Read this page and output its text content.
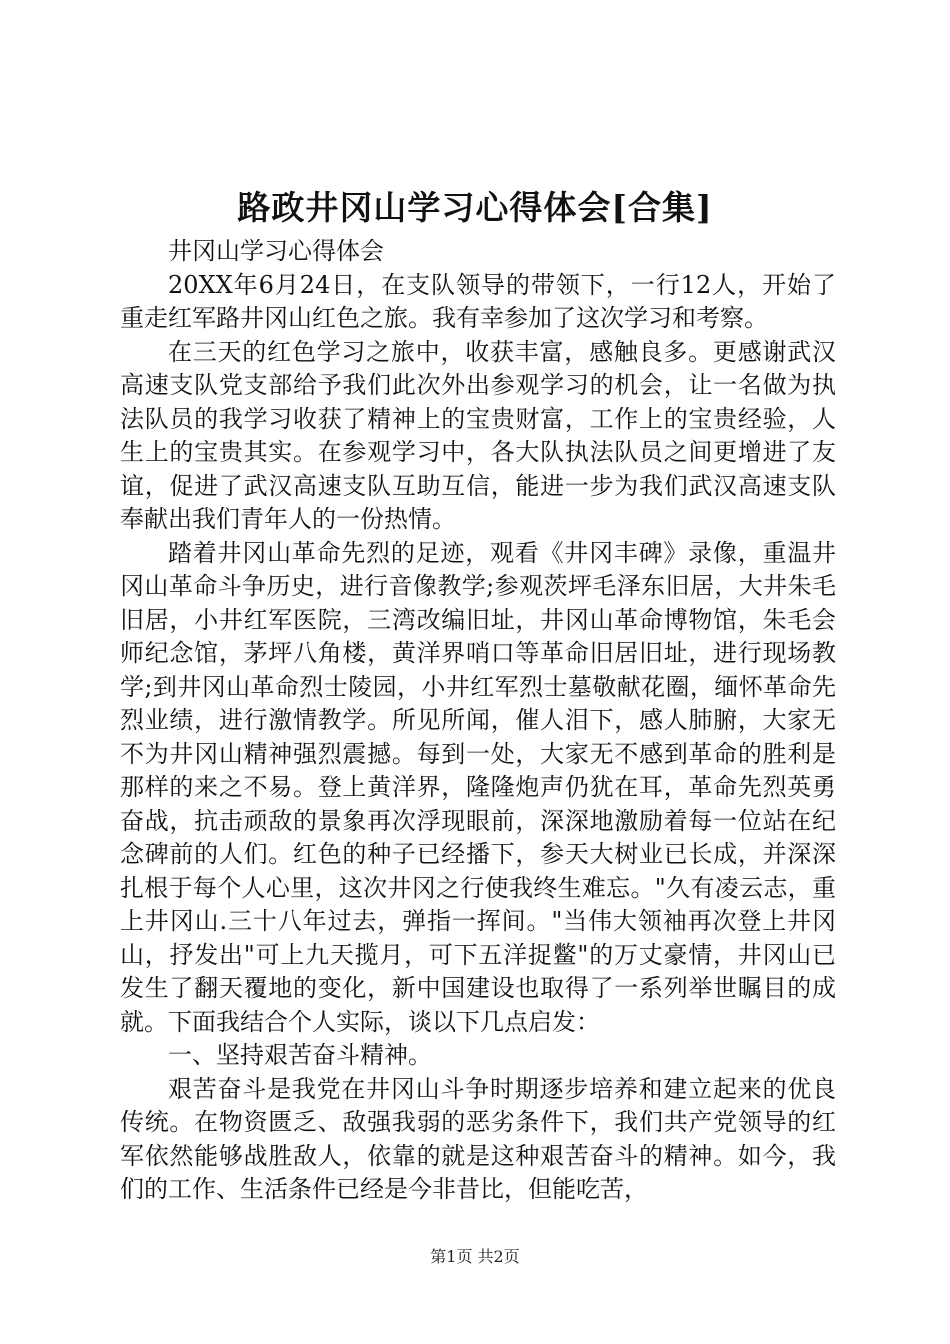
路政井冈山学习心得体会[合集]

井冈山学习心得体会

20XX年6月24日，在支队领导的带领下，一行12人，开始了重走红军路井冈山红色之旅。我有幸参加了这次学习和考察。

在三天的红色学习之旅中，收获丰富，感触良多。更感谢武汉高速支队党支部给予我们此次外出参观学习的机会，让一名做为执法队员的我学习收获了精神上的宝贵财富，工作上的宝贵经验，人生上的宝贵其实。在参观学习中，各大队执法队员之间更增进了友谊，促进了武汉高速支队互助互信，能进一步为我们武汉高速支队奉献出我们青年人的一份热情。

踏着井冈山革命先烈的足迹，观看《井冈丰碑》录像，重温井冈山革命斗争历史，进行音像教学;参观茨坪毛泽东旧居，大井朱毛旧居，小井红军医院，三湾改编旧址，井冈山革命博物馆，朱毛会师纪念馆，茅坪八角楼，黄洋界哨口等革命旧居旧址，进行现场教学;到井冈山革命烈士陵园，小井红军烈士墓敬献花圈，缅怀革命先烈业绩，进行激情教学。所见所闻，催人泪下，感人肺腑，大家无不为井冈山精神强烈震撼。每到一处，大家无不感到革命的胜利是那样的来之不易。登上黄洋界，隆隆炮声仍犹在耳，革命先烈英勇奋战，抗击顽敌的景象再次浮现眼前，深深地激励着每一位站在纪念碑前的人们。红色的种子已经播下，参天大树业已长成，并深深扎根于每个人心里，这次井冈之行使我终生难忘。"久有凌云志，重上井冈山.三十八年过去，弹指一挥间。"当伟大领袖再次登上井冈山，抒发出"可上九天揽月，可下五洋捉鳖"的万丈豪情，井冈山已发生了翻天覆地的变化，新中国建设也取得了一系列举世瞩目的成就。下面我结合个人实际，谈以下几点启发：

一、坚持艰苦奋斗精神。

艰苦奋斗是我党在井冈山斗争时期逐步培养和建立起来的优良传统。在物资匮乏、敌强我弱的恶劣条件下，我们共产党领导的红军依然能够战胜敌人，依靠的就是这种艰苦奋斗的精神。如今，我们的工作、生活条件已经是今非昔比，但能吃苦，

第1页 共2页
